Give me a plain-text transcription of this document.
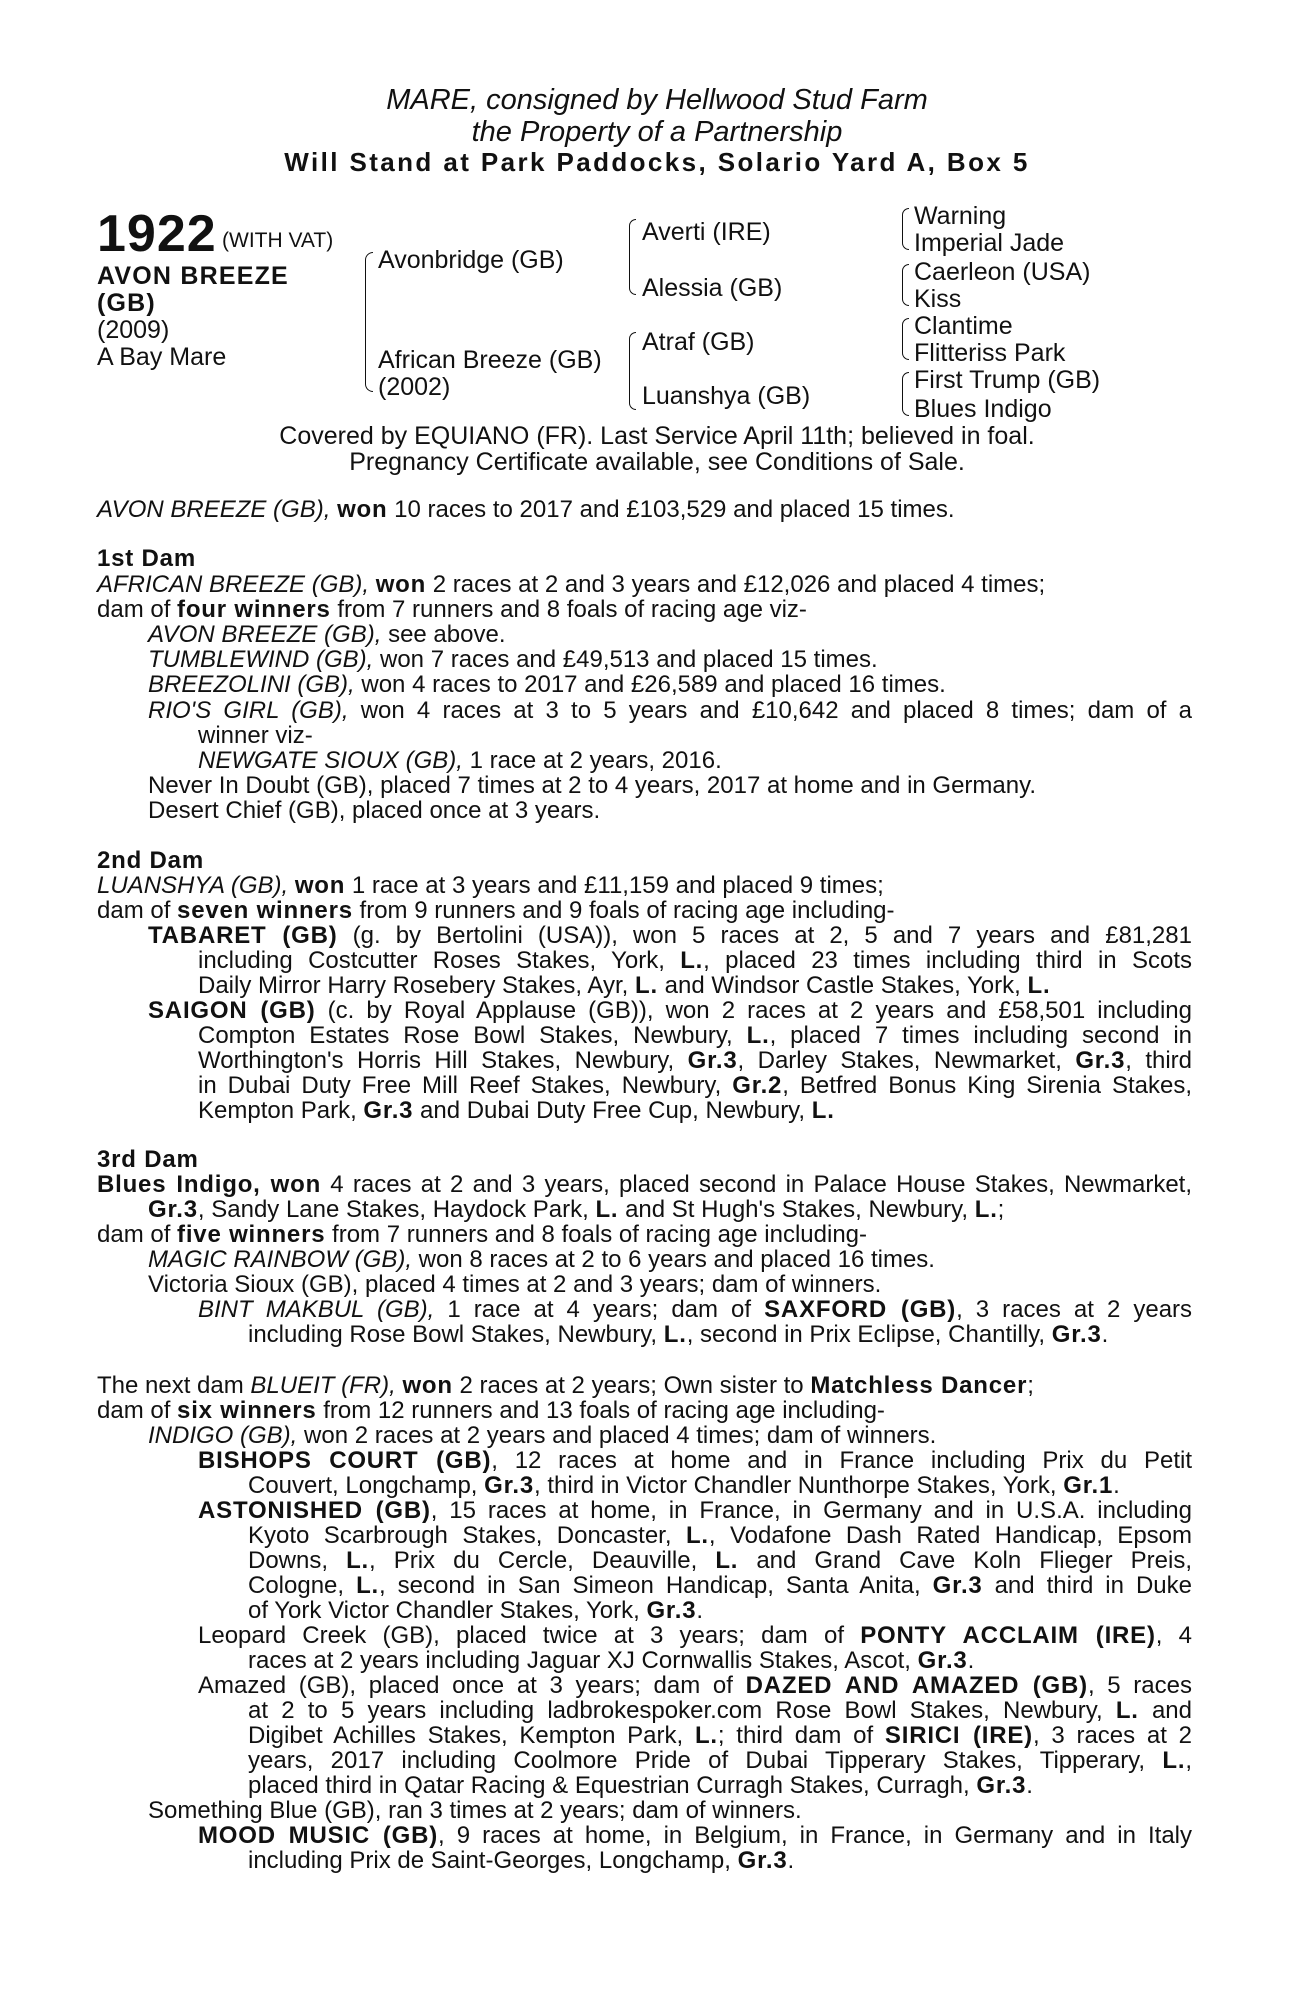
MARE, consigned by Hellwood Stud Farm
the Property of a Partnership
Will Stand at Park Paddocks, Solario Yard A, Box 5
1922 (WITH VAT)
AVON BREEZE
(GB)
(2009)
A Bay Mare
Avonbridge (GB)
African Breeze (GB)
(2002)
Averti (IRE)
Alessia (GB)
Atraf (GB)
Luanshya (GB)
Warning
Imperial Jade
Caerleon (USA)
Kiss
Clantime
Flitteriss Park
First Trump (GB)
Blues Indigo
Covered by EQUIANO (FR). Last Service April 11th; believed in foal.
Pregnancy Certificate available, see Conditions of Sale.
AVON BREEZE (GB), won 10 races to 2017 and £103,529 and placed 15 times.
1st Dam
AFRICAN BREEZE (GB), won 2 races at 2 and 3 years and £12,026 and placed 4 times;
dam of four winners from 7 runners and 8 foals of racing age viz-
AVON BREEZE (GB), see above.
TUMBLEWIND (GB), won 7 races and £49,513 and placed 15 times.
BREEZOLINI (GB), won 4 races to 2017 and £26,589 and placed 16 times.
RIO'S GIRL (GB), won 4 races at 3 to 5 years and £10,642 and placed 8 times; dam of a
winner viz-
NEWGATE SIOUX (GB), 1 race at 2 years, 2016.
Never In Doubt (GB), placed 7 times at 2 to 4 years, 2017 at home and in Germany.
Desert Chief (GB), placed once at 3 years.
2nd Dam
LUANSHYA (GB), won 1 race at 3 years and £11,159 and placed 9 times;
dam of seven winners from 9 runners and 9 foals of racing age including-
TABARET (GB) (g. by Bertolini (USA)), won 5 races at 2, 5 and 7 years and £81,281
including Costcutter Roses Stakes, York, L., placed 23 times including third in Scots
Daily Mirror Harry Rosebery Stakes, Ayr, L. and Windsor Castle Stakes, York, L.
SAIGON (GB) (c. by Royal Applause (GB)), won 2 races at 2 years and £58,501 including
Compton Estates Rose Bowl Stakes, Newbury, L., placed 7 times including second in
Worthington's Horris Hill Stakes, Newbury, Gr.3, Darley Stakes, Newmarket, Gr.3, third
in Dubai Duty Free Mill Reef Stakes, Newbury, Gr.2, Betfred Bonus King Sirenia Stakes,
Kempton Park, Gr.3 and Dubai Duty Free Cup, Newbury, L.
3rd Dam
Blues Indigo, won 4 races at 2 and 3 years, placed second in Palace House Stakes, Newmarket,
Gr.3, Sandy Lane Stakes, Haydock Park, L. and St Hugh's Stakes, Newbury, L.;
dam of five winners from 7 runners and 8 foals of racing age including-
MAGIC RAINBOW (GB), won 8 races at 2 to 6 years and placed 16 times.
Victoria Sioux (GB), placed 4 times at 2 and 3 years; dam of winners.
BINT MAKBUL (GB), 1 race at 4 years; dam of SAXFORD (GB), 3 races at 2 years
including Rose Bowl Stakes, Newbury, L., second in Prix Eclipse, Chantilly, Gr.3.
The next dam BLUEIT (FR), won 2 races at 2 years; Own sister to Matchless Dancer;
dam of six winners from 12 runners and 13 foals of racing age including-
INDIGO (GB), won 2 races at 2 years and placed 4 times; dam of winners.
BISHOPS COURT (GB), 12 races at home and in France including Prix du Petit
Couvert, Longchamp, Gr.3, third in Victor Chandler Nunthorpe Stakes, York, Gr.1.
ASTONISHED (GB), 15 races at home, in France, in Germany and in U.S.A. including
Kyoto Scarbrough Stakes, Doncaster, L., Vodafone Dash Rated Handicap, Epsom
Downs, L., Prix du Cercle, Deauville, L. and Grand Cave Koln Flieger Preis,
Cologne, L., second in San Simeon Handicap, Santa Anita, Gr.3 and third in Duke
of York Victor Chandler Stakes, York, Gr.3.
Leopard Creek (GB), placed twice at 3 years; dam of PONTY ACCLAIM (IRE), 4
races at 2 years including Jaguar XJ Cornwallis Stakes, Ascot, Gr.3.
Amazed (GB), placed once at 3 years; dam of DAZED AND AMAZED (GB), 5 races
at 2 to 5 years including ladbrokespoker.com Rose Bowl Stakes, Newbury, L. and
Digibet Achilles Stakes, Kempton Park, L.; third dam of SIRICI (IRE), 3 races at 2
years, 2017 including Coolmore Pride of Dubai Tipperary Stakes, Tipperary, L.,
placed third in Qatar Racing & Equestrian Curragh Stakes, Curragh, Gr.3.
Something Blue (GB), ran 3 times at 2 years; dam of winners.
MOOD MUSIC (GB), 9 races at home, in Belgium, in France, in Germany and in Italy
including Prix de Saint-Georges, Longchamp, Gr.3.
